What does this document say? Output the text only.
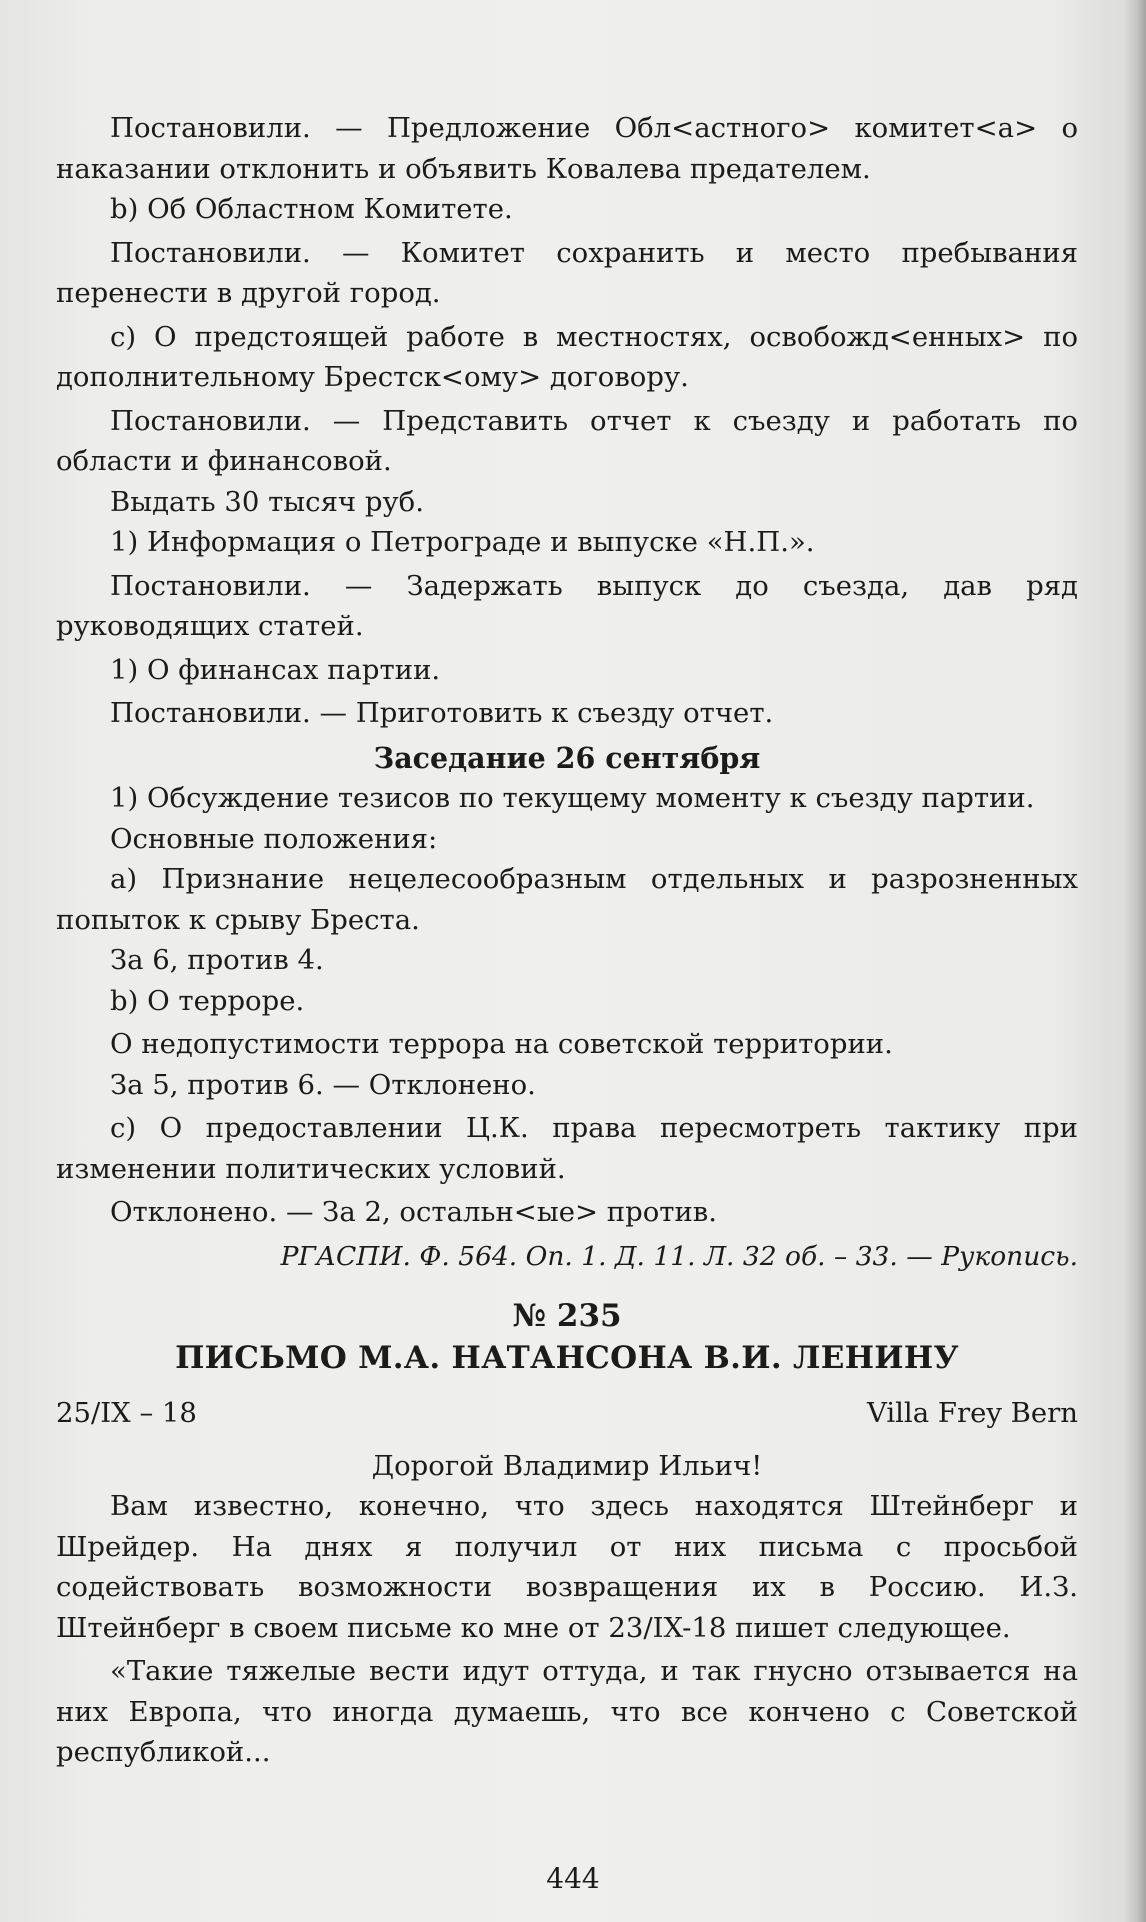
Постановили. — Предложение Обл<астного> комитет<а> о наказании отклонить и объявить Ковалева предателем.

b) Об Областном Комитете.

Постановили. — Комитет сохранить и место пребывания перенести в другой город.

c) О предстоящей работе в местностях, освобожд<енных> по дополнительному Брестск<ому> договору.

Постановили. — Представить отчет к съезду и работать по области и финансовой.

Выдать 30 тысяч руб.

1) Информация о Петрограде и выпуске «Н.П.».

Постановили. — Задержать выпуск до съезда, дав ряд руководящих статей.

1) О финансах партии.

Постановили. — Приготовить к съезду отчет.

Заседание 26 сентября

1) Обсуждение тезисов по текущему моменту к съезду партии.

Основные положения:

a) Признание нецелесообразным отдельных и разрозненных попыток к срыву Бреста.

За 6, против 4.

b) О терроре.

О недопустимости террора на советской территории.

За 5, против 6. — Отклонено.

c) О предоставлении Ц.К. права пересмотреть тактику при изменении политических условий.

Отклонено. — За 2, остальн<ые> против.

РГАСПИ. Ф. 564. Оп. 1. Д. 11. Л. 32 об. – 33. — Рукопись.

№ 235

ПИСЬМО М.А. НАТАНСОНА В.И. ЛЕНИНУ

25/IX – 18	Villa Frey Bern

Дорогой Владимир Ильич!

Вам известно, конечно, что здесь находятся Штейнберг и Шрейдер. На днях я получил от них письма с просьбой содействовать возможности возвращения их в Россию. И.З. Штейнберг в своем письме ко мне от 23/IX-18 пишет следующее.

«Такие тяжелые вести идут оттуда, и так гнусно отзывается на них Европа, что иногда думаешь, что все кончено с Советской республикой...

444
